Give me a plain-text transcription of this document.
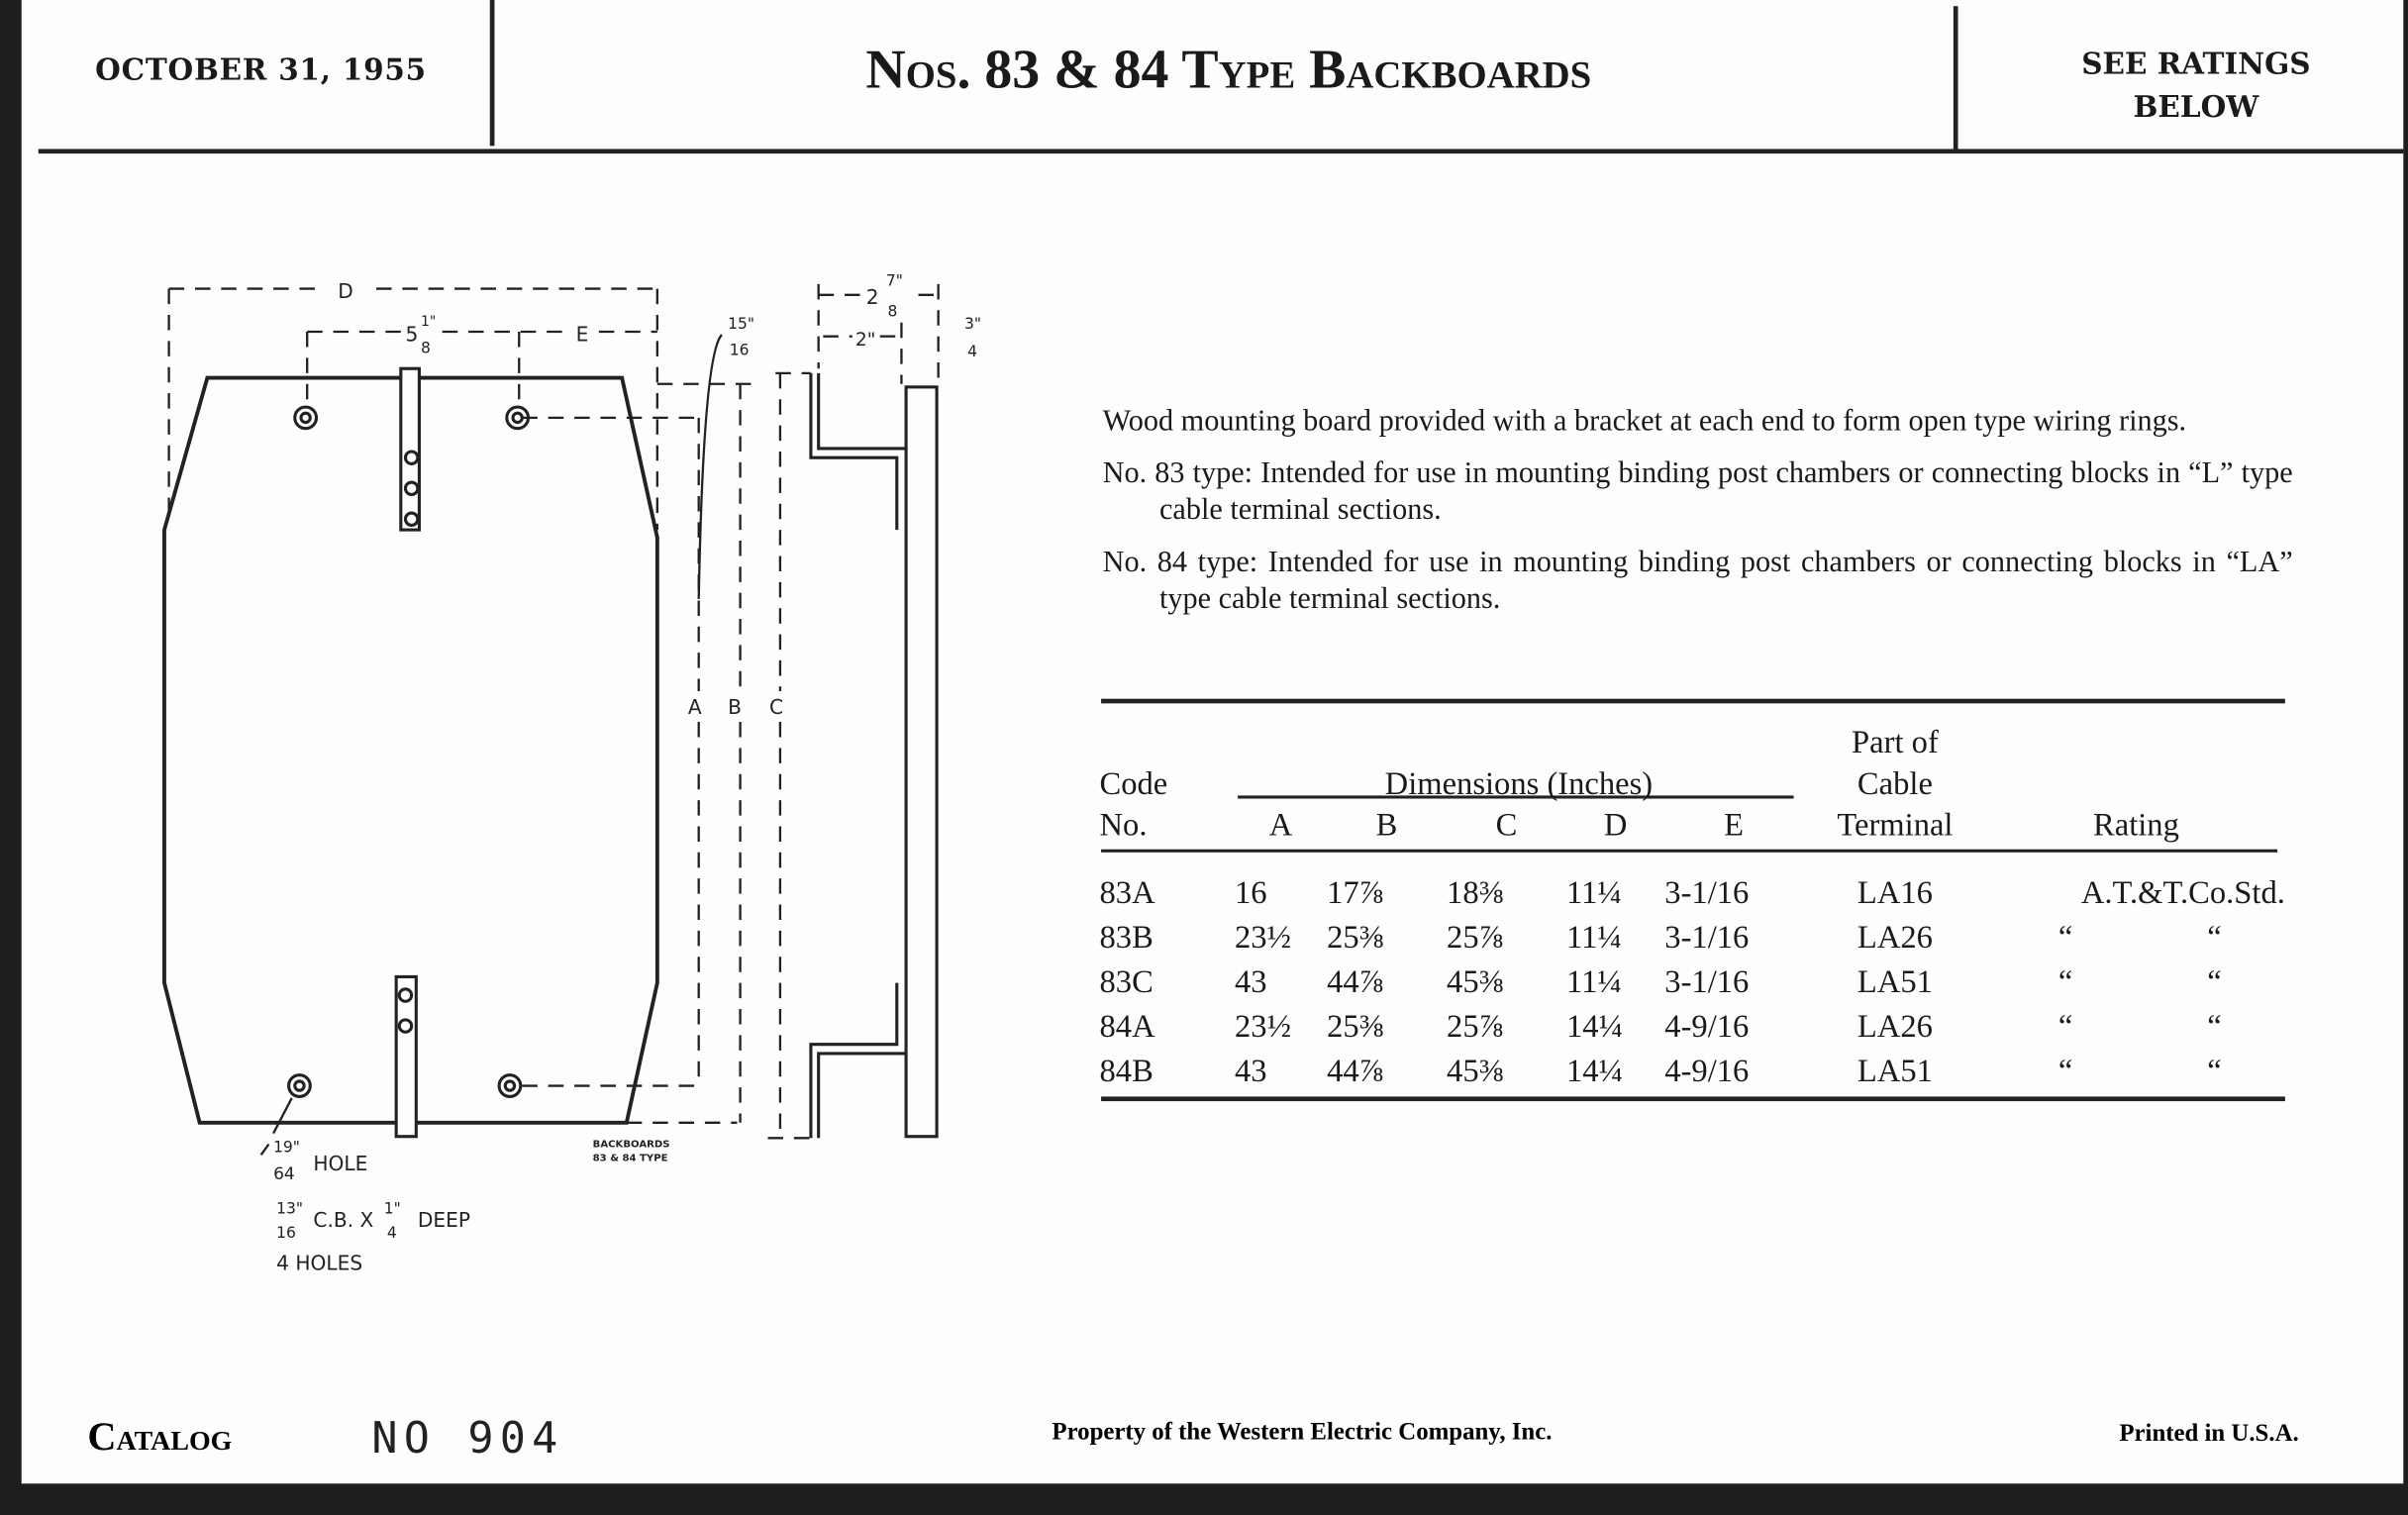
OCTOBER 31, 1955	Nos. 83 & 84 Type Backboards	SEE RATINGS
BELOW
D
5
1"
8
E	15"
16
2
7"
8
2"
3"
4
A B C
19"
64 HOLE
13"
16
C.B. X 1"
4
DEEP
4 HOLES
BACKBOARDS
83 & 84 TYPE

Wood mounting board provided with a bracket at each end to form open type wiring rings.

No. 83 type: Intended for use in mounting binding post chambers or connecting blocks in “L” type cable terminal sections.

No. 84 type: Intended for use in mounting binding post chambers or connecting blocks in “LA” type cable terminal sections.

						Part of		
Code	Dimensions (Inches)					Cable		
No.	A	B	C	D	E	Terminal	Rating	
83A	16	17⅞	18⅜	11¼	3-1/16	LA16	A.T.&T.Co.Std.	
83B	23½	25⅜	25⅞	11¼	3-1/16	LA26	“	“
83C	43	44⅞	45⅜	11¼	3-1/16	LA51	“	“
84A	23½	25⅜	25⅞	14¼	4-9/16	LA26	“	“
84B	43	44⅞	45⅜	14¼	4-9/16	LA51	“	“
Catalog	NO 904	Property of the Western Electric Company, Inc.	Printed in U.S.A.
